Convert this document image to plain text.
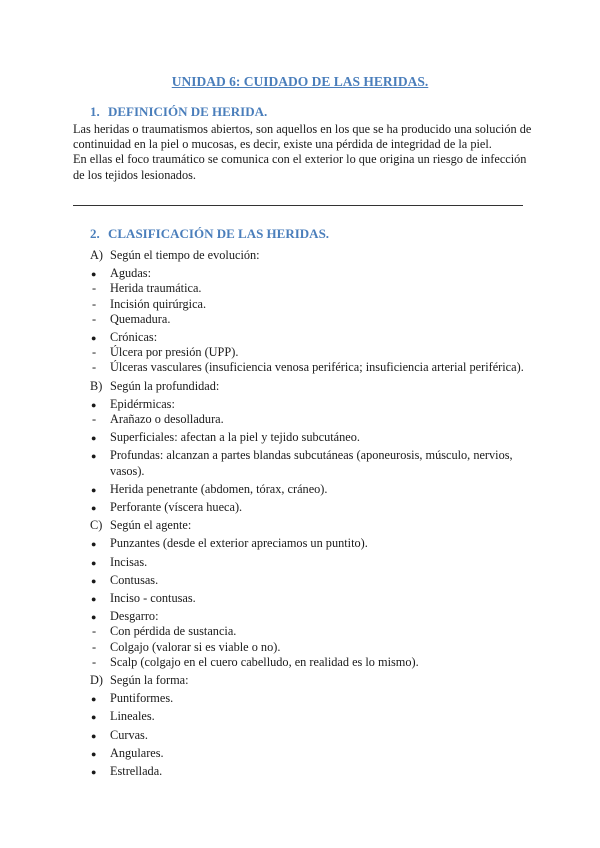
UNIDAD 6: CUIDADO DE LAS HERIDAS.
1. DEFINICIÓN DE HERIDA.

Las heridas o traumatismos abiertos, son aquellos en los que se ha producido una solución de continuidad en la piel o mucosas, es decir, existe una pérdida de integridad de la piel.

En ellas el foco traumático se comunica con el exterior lo que origina un riesgo de infección de los tejidos lesionados.

2. CLASIFICACIÓN DE LAS HERIDAS.
A) Según el tiempo de evolución:
● Agudas:
- Herida traumática.
- Incisión quirúrgica.
- Quemadura.
● Crónicas:
- Úlcera por presión (UPP).
- Úlceras vasculares (insuficiencia venosa periférica; insuficiencia arterial periférica).
B) Según la profundidad:
● Epidérmicas:
- Arañazo o desolladura.
● Superficiales: afectan a la piel y tejido subcutáneo.
● Profundas: alcanzan a partes blandas subcutáneas (aponeurosis, músculo, nervios, vasos).
● Herida penetrante (abdomen, tórax, cráneo).
● Perforante (víscera hueca).
C) Según el agente:
● Punzantes (desde el exterior apreciamos un puntito).
● Incisas.
● Contusas.
● Inciso - contusas.
● Desgarro:
- Con pérdida de sustancia.
- Colgajo (valorar si es viable o no).
- Scalp (colgajo en el cuero cabelludo, en realidad es lo mismo).
D) Según la forma:
● Puntiformes.
● Lineales.
● Curvas.
● Angulares.
● Estrellada.
